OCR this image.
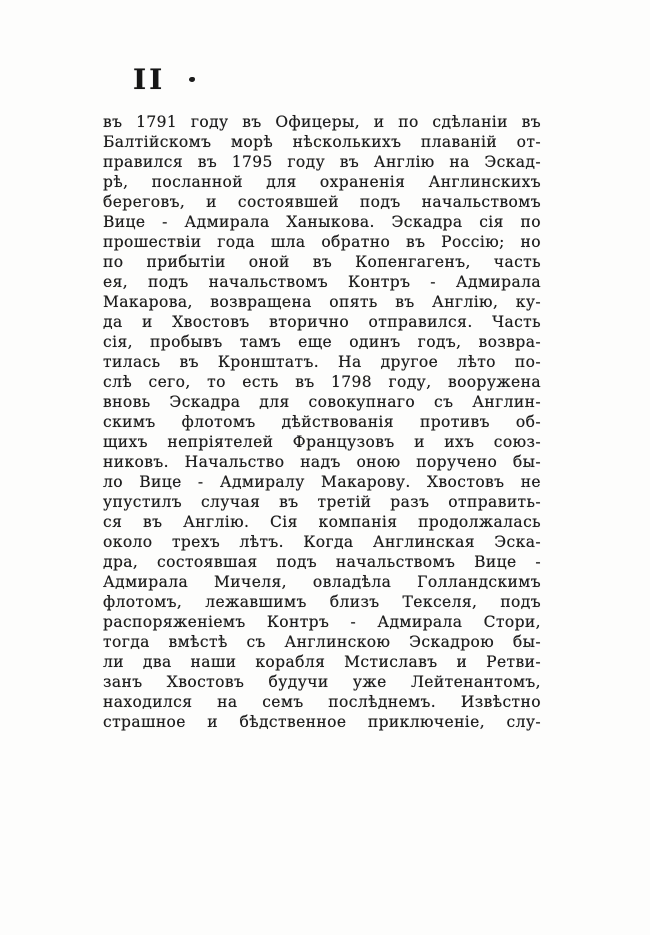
II
въ 1791 году въ Офицеры, и по сдѣланіи въ
Балтійскомъ морѣ нѣсколькихъ плаваній от-
правился въ 1795 году въ Англію на Эскад-
рѣ, посланной для охраненія Англинскихъ
береговъ, и состоявшей подъ начальствомъ
Вице - Адмирала Ханыкова. Эскадра сія по
прошествіи года шла обратно въ Россію; но
по прибытіи оной въ Копенгагенъ, часть
ея, подъ начальствомъ Контръ - Адмирала
Макарова, возвращена опять въ Англію, ку-
да и Хвостовъ вторично отправился. Часть
сія, пробывъ тамъ еще одинъ годъ, возвра-
тилась въ Кронштатъ. На другое лѣто по-
слѣ сего, то есть въ 1798 году, вооружена
вновь Эскадра для совокупнаго съ Англин-
скимъ флотомъ дѣйствованія противъ об-
щихъ непріятелей Французовъ и ихъ союз-
никовъ. Начальство надъ оною поручено бы-
ло Вице - Адмиралу Макарову. Хвостовъ не
упустилъ случая въ третій разъ отправить-
ся въ Англію. Сія компанія продолжалась
около трехъ лѣтъ. Когда Англинская Эска-
дра, состоявшая подъ начальствомъ Вице -
Адмирала Мичеля, овладѣла Голландскимъ
флотомъ, лежавшимъ близъ Текселя, подъ
распоряженіемъ Контръ - Адмирала Стори,
тогда вмѣстѣ съ Англинскою Эскадрою бы-
ли два наши корабля Мстиславъ и Ретви-
занъ Хвостовъ будучи уже Лейтенантомъ,
находился на семъ послѣднемъ. Извѣстно
страшное и бѣдственное приключеніе, слу-
